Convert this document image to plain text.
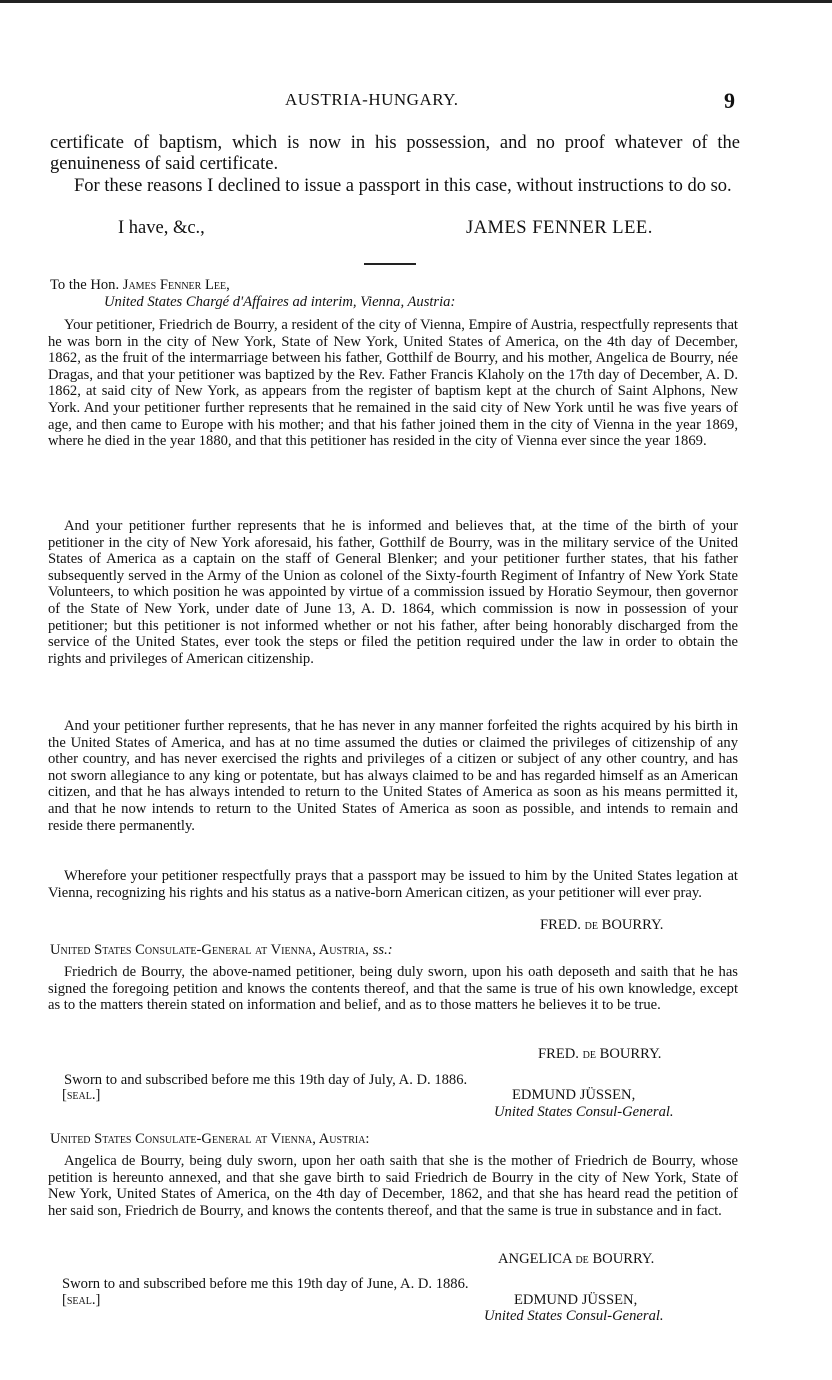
AUSTRIA-HUNGARY.	9
certificate of baptism, which is now in his possession, and no proof whatever of the genuineness of said certificate.
For these reasons I declined to issue a passport in this case, without instructions to do so.
I have, &c.,	JAMES FENNER LEE.
To the Hon. James Fenner Lee,
United States Chargé d'Affaires ad interim, Vienna, Austria:
Your petitioner, Friedrich de Bourry, a resident of the city of Vienna, Empire of Austria, respectfully represents that he was born in the city of New York, State of New York, United States of America, on the 4th day of December, 1862, as the fruit of the intermarriage between his father, Gotthilf de Bourry, and his mother, Angelica de Bourry, née Dragas, and that your petitioner was baptized by the Rev. Father Francis Klaholy on the 17th day of December, A. D. 1862, at said city of New York, as appears from the register of baptism kept at the church of Saint Alphons, New York. And your petitioner further represents that he remained in the said city of New York until he was five years of age, and then came to Europe with his mother; and that his father joined them in the city of Vienna in the year 1869, where he died in the year 1880, and that this petitioner has resided in the city of Vienna ever since the year 1869.
And your petitioner further represents that he is informed and believes that, at the time of the birth of your petitioner in the city of New York aforesaid, his father, Gotthilf de Bourry, was in the military service of the United States of America as a captain on the staff of General Blenker; and your petitioner further states, that his father subsequently served in the Army of the Union as colonel of the Sixty-fourth Regiment of Infantry of New York State Volunteers, to which position he was appointed by virtue of a commission issued by Horatio Seymour, then governor of the State of New York, under date of June 13, A. D. 1864, which commission is now in possession of your petitioner; but this petitioner is not informed whether or not his father, after being honorably discharged from the service of the United States, ever took the steps or filed the petition required under the law in order to obtain the rights and privileges of American citizenship.
And your petitioner further represents, that he has never in any manner forfeited the rights acquired by his birth in the United States of America, and has at no time assumed the duties or claimed the privileges of citizenship of any other country, and has never exercised the rights and privileges of a citizen or subject of any other country, and has not sworn allegiance to any king or potentate, but has always claimed to be and has regarded himself as an American citizen, and that he has always intended to return to the United States of America as soon as his means permitted it, and that he now intends to return to the United States of America as soon as possible, and intends to remain and reside there permanently.
Wherefore your petitioner respectfully prays that a passport may be issued to him by the United States legation at Vienna, recognizing his rights and his status as a native-born American citizen, as your petitioner will ever pray.
FRED. de BOURRY.
United States Consulate-General at Vienna, Austria, ss.:
Friedrich de Bourry, the above-named petitioner, being duly sworn, upon his oath deposeth and saith that he has signed the foregoing petition and knows the contents thereof, and that the same is true of his own knowledge, except as to the matters therein stated on information and belief, and as to those matters he believes it to be true.
FRED. de BOURRY.
Sworn to and subscribed before me this 19th day of July, A. D. 1886.
[seal.]	EDMUND JÜSSEN,
United States Consul-General.
United States Consulate-General at Vienna, Austria:
Angelica de Bourry, being duly sworn, upon her oath saith that she is the mother of Friedrich de Bourry, whose petition is hereunto annexed, and that she gave birth to said Friedrich de Bourry in the city of New York, State of New York, United States of America, on the 4th day of December, 1862, and that she has heard read the petition of her said son, Friedrich de Bourry, and knows the contents thereof, and that the same is true in substance and in fact.
ANGELICA de BOURRY.
Sworn to and subscribed before me this 19th day of June, A. D. 1886.
[seal.]	EDMUND JÜSSEN,
United States Consul-General.
